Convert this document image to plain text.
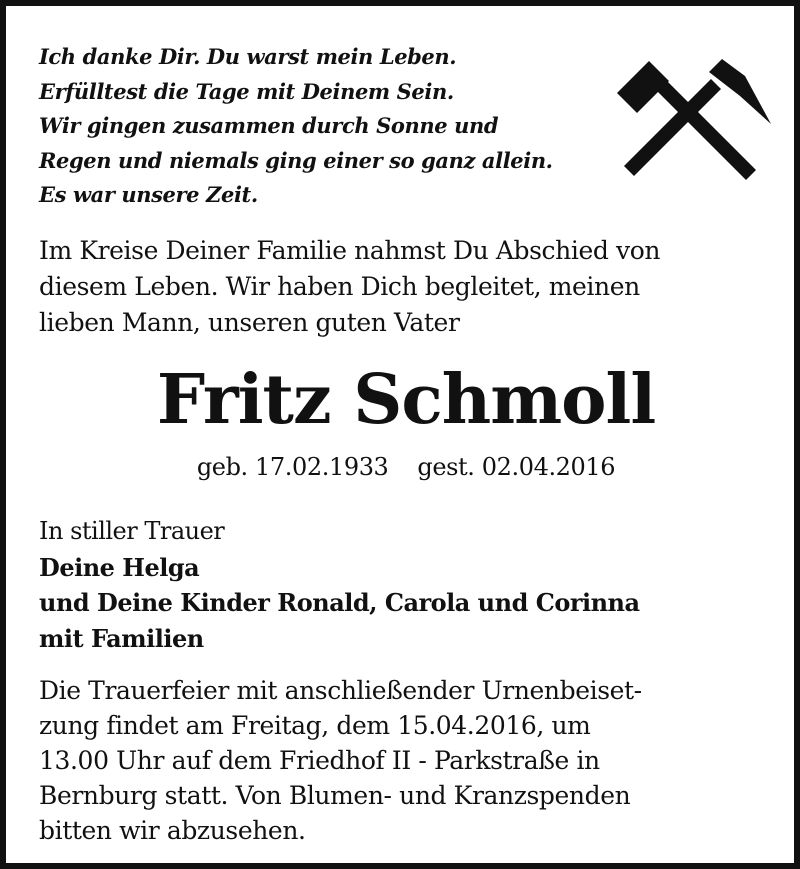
Ich danke Dir. Du warst mein Leben.
Erfülltest die Tage mit Deinem Sein.
Wir gingen zusammen durch Sonne und
Regen und niemals ging einer so ganz allein.
Es war unsere Zeit.
Im Kreise Deiner Familie nahmst Du Abschied von
diesem Leben. Wir haben Dich begleitet, meinen
lieben Mann, unseren guten Vater
Fritz Schmoll
geb. 17.02.1933 gest. 02.04.2016
In stiller Trauer
Deine Helga
und Deine Kinder Ronald, Carola und Corinna
mit Familien
Die Trauerfeier mit anschließender Urnenbeiset-
zung findet am Freitag, dem 15.04.2016, um
13.00 Uhr auf dem Friedhof II - Parkstraße in
Bernburg statt. Von Blumen- und Kranzspenden
bitten wir abzusehen.
